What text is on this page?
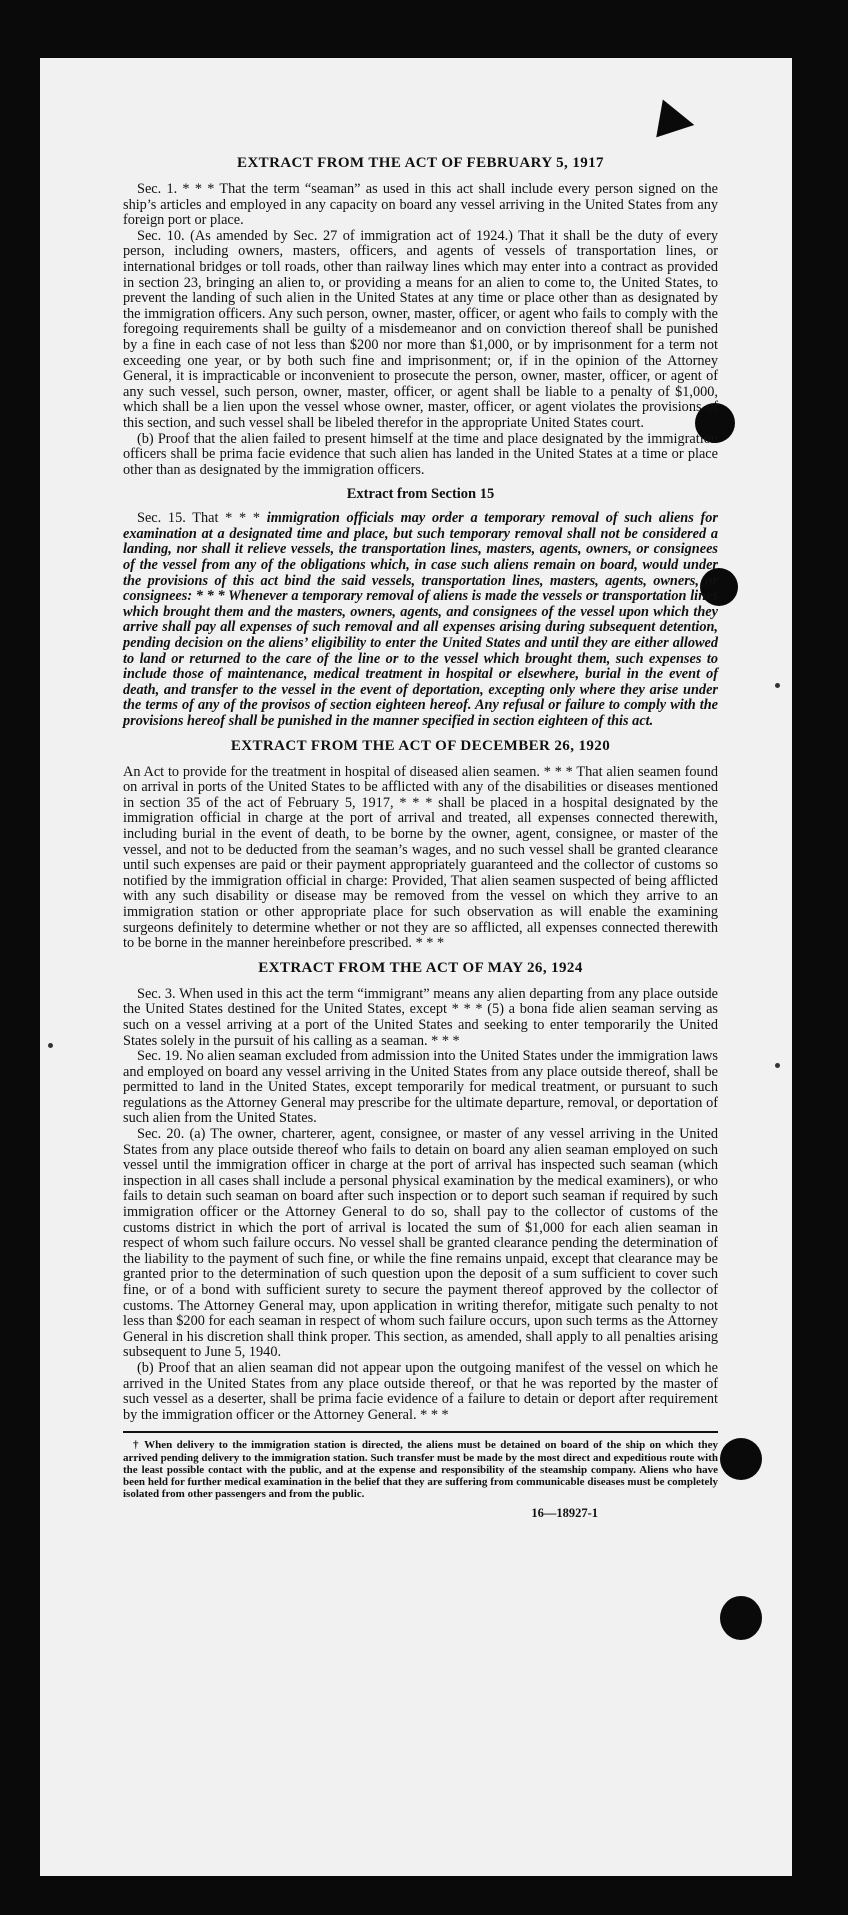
EXTRACT FROM THE ACT OF FEBRUARY 5, 1917

Sec. 1. * * * That the term “seaman” as used in this act shall include every person signed on the ship’s articles and employed in any capacity on board any vessel arriving in the United States from any foreign port or place.

Sec. 10. (As amended by Sec. 27 of immigration act of 1924.) That it shall be the duty of every person, including owners, masters, officers, and agents of vessels of transportation lines, or international bridges or toll roads, other than railway lines which may enter into a contract as provided in section 23, bringing an alien to, or providing a means for an alien to come to, the United States, to prevent the landing of such alien in the United States at any time or place other than as designated by the immigration officers. Any such person, owner, master, officer, or agent who fails to comply with the foregoing requirements shall be guilty of a misdemeanor and on conviction thereof shall be punished by a fine in each case of not less than $200 nor more than $1,000, or by imprisonment for a term not exceeding one year, or by both such fine and imprisonment; or, if in the opinion of the Attorney General, it is impracticable or inconvenient to prosecute the person, owner, master, officer, or agent of any such vessel, such person, owner, master, officer, or agent shall be liable to a penalty of $1,000, which shall be a lien upon the vessel whose owner, master, officer, or agent violates the provisions of this section, and such vessel shall be libeled therefor in the appropriate United States court.

(b) Proof that the alien failed to present himself at the time and place designated by the immigration officers shall be prima facie evidence that such alien has landed in the United States at a time or place other than as designated by the immigration officers.

Extract from Section 15

Sec. 15. That * * * immigration officials may order a temporary removal of such aliens for examination at a designated time and place, but such temporary removal shall not be considered a landing, nor shall it relieve vessels, the transportation lines, masters, agents, owners, or consignees of the vessel from any of the obligations which, in case such aliens remain on board, would under the provisions of this act bind the said vessels, transportation lines, masters, agents, owners, or consignees: * * * Whenever a temporary removal of aliens is made the vessels or transportation lines which brought them and the masters, owners, agents, and consignees of the vessel upon which they arrive shall pay all expenses of such removal and all expenses arising during subsequent detention, pending decision on the aliens’ eligibility to enter the United States and until they are either allowed to land or returned to the care of the line or to the vessel which brought them, such expenses to include those of maintenance, medical treatment in hospital or elsewhere, burial in the event of death, and transfer to the vessel in the event of deportation, excepting only where they arise under the terms of any of the provisos of section eighteen hereof. Any refusal or failure to comply with the provisions hereof shall be punished in the manner specified in section eighteen of this act.

EXTRACT FROM THE ACT OF DECEMBER 26, 1920

An Act to provide for the treatment in hospital of diseased alien seamen. * * * That alien seamen found on arrival in ports of the United States to be afflicted with any of the disabilities or diseases mentioned in section 35 of the act of February 5, 1917, * * * shall be placed in a hospital designated by the immigration official in charge at the port of arrival and treated, all expenses connected therewith, including burial in the event of death, to be borne by the owner, agent, consignee, or master of the vessel, and not to be deducted from the seaman’s wages, and no such vessel shall be granted clearance until such expenses are paid or their payment appropriately guaranteed and the collector of customs so notified by the immigration official in charge: Provided, That alien seamen suspected of being afflicted with any such disability or disease may be removed from the vessel on which they arrive to an immigration station or other appropriate place for such observation as will enable the examining surgeons definitely to determine whether or not they are so afflicted, all expenses connected therewith to be borne in the manner hereinbefore prescribed. * * *

EXTRACT FROM THE ACT OF MAY 26, 1924

Sec. 3. When used in this act the term “immigrant” means any alien departing from any place outside the United States destined for the United States, except * * * (5) a bona fide alien seaman serving as such on a vessel arriving at a port of the United States and seeking to enter temporarily the United States solely in the pursuit of his calling as a seaman. * * *

Sec. 19. No alien seaman excluded from admission into the United States under the immigration laws and employed on board any vessel arriving in the United States from any place outside thereof, shall be permitted to land in the United States, except temporarily for medical treatment, or pursuant to such regulations as the Attorney General may prescribe for the ultimate departure, removal, or deportation of such alien from the United States.

Sec. 20. (a) The owner, charterer, agent, consignee, or master of any vessel arriving in the United States from any place outside thereof who fails to detain on board any alien seaman employed on such vessel until the immigration officer in charge at the port of arrival has inspected such seaman (which inspection in all cases shall include a personal physical examination by the medical examiners), or who fails to detain such seaman on board after such inspection or to deport such seaman if required by such immigration officer or the Attorney General to do so, shall pay to the collector of customs of the customs district in which the port of arrival is located the sum of $1,000 for each alien seaman in respect of whom such failure occurs. No vessel shall be granted clearance pending the determination of the liability to the payment of such fine, or while the fine remains unpaid, except that clearance may be granted prior to the determination of such question upon the deposit of a sum sufficient to cover such fine, or of a bond with sufficient surety to secure the payment thereof approved by the collector of customs. The Attorney General may, upon application in writing therefor, mitigate such penalty to not less than $200 for each seaman in respect of whom such failure occurs, upon such terms as the Attorney General in his discretion shall think proper. This section, as amended, shall apply to all penalties arising subsequent to June 5, 1940.

(b) Proof that an alien seaman did not appear upon the outgoing manifest of the vessel on which he arrived in the United States from any place outside thereof, or that he was reported by the master of such vessel as a deserter, shall be prima facie evidence of a failure to detain or deport after requirement by the immigration officer or the Attorney General. * * *

† When delivery to the immigration station is directed, the aliens must be detained on board of the ship on which they arrived pending delivery to the immigration station. Such transfer must be made by the most direct and expeditious route with the least possible contact with the public, and at the expense and responsibility of the steamship company. Aliens who have been held for further medical examination in the belief that they are suffering from communicable diseases must be completely isolated from other passengers and from the public.

16—18927-1
